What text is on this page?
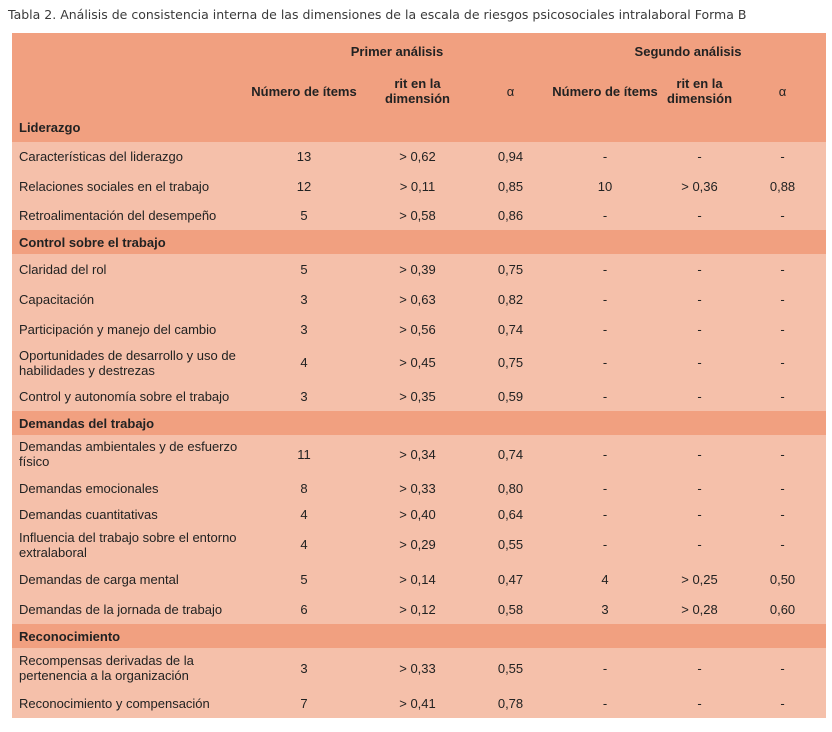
Tabla 2. Análisis de consistencia interna de las dimensiones de la escala de riesgos psicosociales intralaboral Forma B
	Primer análisis			Segundo análisis		
	Número de ítems	rit en la dimensión	α	Número de ítems	rit en la dimensión	α
Liderazgo						
Características del liderazgo	13	> 0,62	0,94	-	-	-
Relaciones sociales en el trabajo	12	> 0,11	0,85	10	> 0,36	0,88
Retroalimentación del desempeño	5	> 0,58	0,86	-	-	-
Control sobre el trabajo						
Claridad del rol	5	> 0,39	0,75	-	-	-
Capacitación	3	> 0,63	0,82	-	-	-
Participación y manejo del cambio	3	> 0,56	0,74	-	-	-
Oportunidades de desarrollo y uso de habilidades y destrezas	4	> 0,45	0,75	-	-	-
Control y autonomía sobre el trabajo	3	> 0,35	0,59	-	-	-
Demandas del trabajo						
Demandas ambientales y de esfuerzo físico	11	> 0,34	0,74	-	-	-
Demandas emocionales	8	> 0,33	0,80	-	-	-
Demandas cuantitativas	4	> 0,40	0,64	-	-	-
Influencia del trabajo sobre el entorno extralaboral	4	> 0,29	0,55	-	-	-
Demandas de carga mental	5	> 0,14	0,47	4	> 0,25	0,50
Demandas de la jornada de trabajo	6	> 0,12	0,58	3	> 0,28	0,60
Reconocimiento						
Recompensas derivadas de la pertenencia a la organización	3	> 0,33	0,55	-	-	-
Reconocimiento y compensación	7	> 0,41	0,78	-	-	-
